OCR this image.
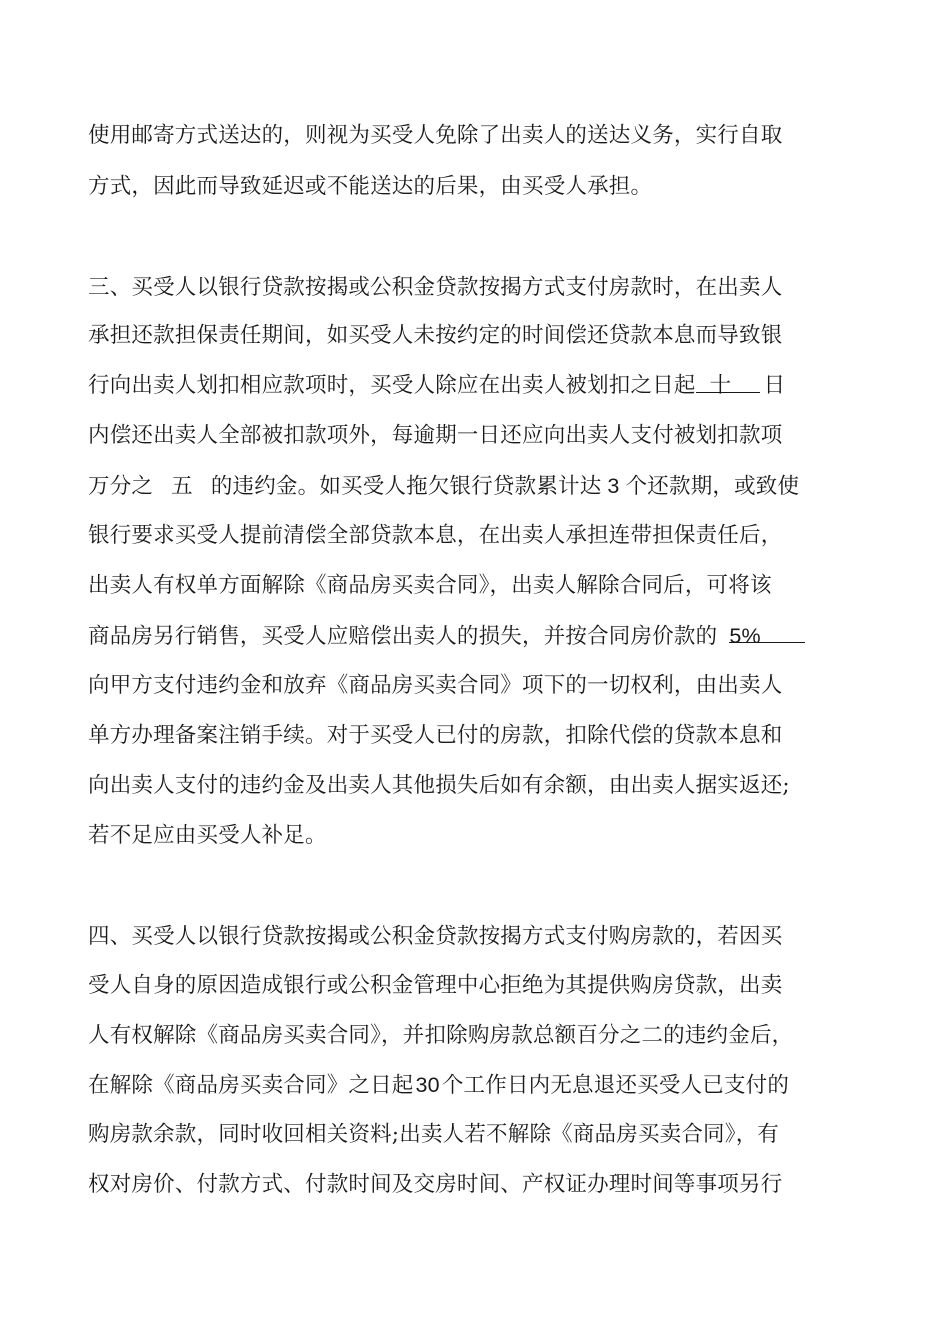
使用邮寄方式送达的，则视为买受人免除了出卖人的送达义务，实行自取
方式，因此而导致延迟或不能送达的后果，由买受人承担。
三、买受人以银行贷款按揭或公积金贷款按揭方式支付房款时，在出卖人
承担还款担保责任期间，如买受人未按约定的时间偿还贷款本息而导致银
行向出卖人划扣相应款项时，买受人除应在出卖人被划扣之日起 十 日
内偿还出卖人全部被扣款项外，每逾期一日还应向出卖人支付被划扣款项
万分之 五 的违约金。如买受人拖欠银行贷款累计达 3 个还款期，或致使
银行要求买受人提前清偿全部贷款本息，在出卖人承担连带担保责任后，
出卖人有权单方面解除《商品房买卖合同》，出卖人解除合同后，可将该
商品房另行销售，买受人应赔偿出卖人的损失，并按合同房价款的 5%
向甲方支付违约金和放弃《商品房买卖合同》项下的一切权利，由出卖人
单方办理备案注销手续。对于买受人已付的房款，扣除代偿的贷款本息和
向出卖人支付的违约金及出卖人其他损失后如有余额，由出卖人据实返还;
若不足应由买受人补足。
四、买受人以银行贷款按揭或公积金贷款按揭方式支付购房款的，若因买
受人自身的原因造成银行或公积金管理中心拒绝为其提供购房贷款，出卖
人有权解除《商品房买卖合同》，并扣除购房款总额百分之二的违约金后，
在解除《商品房买卖合同》之日起30个工作日内无息退还买受人已支付的
购房款余款，同时收回相关资料;出卖人若不解除《商品房买卖合同》，有
权对房价、付款方式、付款时间及交房时间、产权证办理时间等事项另行
